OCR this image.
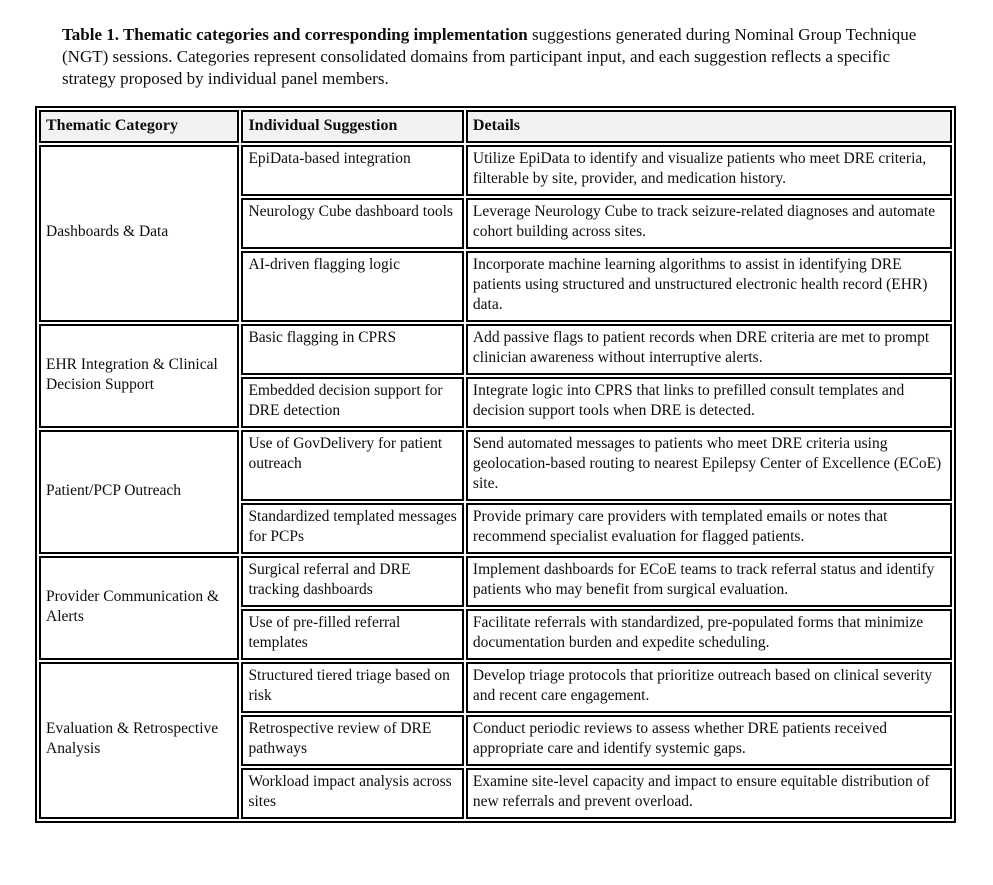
Table 1. Thematic categories and corresponding implementation suggestions generated during Nominal Group Technique (NGT) sessions. Categories represent consolidated domains from participant input, and each suggestion reflects a specific strategy proposed by individual panel members.

Thematic Category	Individual Suggestion	Details
Dashboards & Data	EpiData-based integration	Utilize EpiData to identify and visualize patients who meet DRE criteria, filterable by site, provider, and medication history.
	Neurology Cube dashboard tools	Leverage Neurology Cube to track seizure-related diagnoses and automate cohort building across sites.
	AI-driven flagging logic	Incorporate machine learning algorithms to assist in identifying DRE patients using structured and unstructured electronic health record (EHR) data.
EHR Integration & Clinical Decision Support	Basic flagging in CPRS	Add passive flags to patient records when DRE criteria are met to prompt clinician awareness without interruptive alerts.
	Embedded decision support for DRE detection	Integrate logic into CPRS that links to prefilled consult templates and decision support tools when DRE is detected.
Patient/PCP Outreach	Use of GovDelivery for patient outreach	Send automated messages to patients who meet DRE criteria using geolocation-based routing to nearest Epilepsy Center of Excellence (ECoE) site.
	Standardized templated messages for PCPs	Provide primary care providers with templated emails or notes that recommend specialist evaluation for flagged patients.
Provider Communication & Alerts	Surgical referral and DRE tracking dashboards	Implement dashboards for ECoE teams to track referral status and identify patients who may benefit from surgical evaluation.
	Use of pre-filled referral templates	Facilitate referrals with standardized, pre-populated forms that minimize documentation burden and expedite scheduling.
Evaluation & Retrospective Analysis	Structured tiered triage based on risk	Develop triage protocols that prioritize outreach based on clinical severity and recent care engagement.
	Retrospective review of DRE pathways	Conduct periodic reviews to assess whether DRE patients received appropriate care and identify systemic gaps.
	Workload impact analysis across sites	Examine site-level capacity and impact to ensure equitable distribution of new referrals and prevent overload.
